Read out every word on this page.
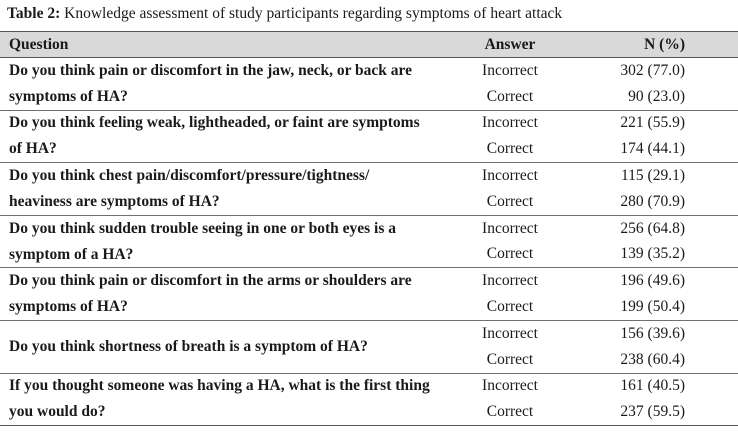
Table 2: Knowledge assessment of study participants regarding symptoms of heart attack
Question	Answer	N (%)
Do you think pain or discomfort in the jaw, neck, or back are symptoms of HA?
Incorrect	302 (77.0)
Correct	90 (23.0)
Do you think feeling weak, lightheaded, or faint are symptoms of HA?
Incorrect	221 (55.9)
Correct	174 (44.1)
Do you think chest pain/discomfort/pressure/tightness/ heaviness are symptoms of HA?
Incorrect	115 (29.1)
Correct	280 (70.9)
Do you think sudden trouble seeing in one or both eyes is a symptom of a HA?
Incorrect	256 (64.8)
Correct	139 (35.2)
Do you think pain or discomfort in the arms or shoulders are symptoms of HA?
Incorrect	196 (49.6)
Correct	199 (50.4)
Do you think shortness of breath is a symptom of HA?
Incorrect	156 (39.6)
Correct	238 (60.4)
If you thought someone was having a HA, what is the first thing you would do?
Incorrect	161 (40.5)
Correct	237 (59.5)
